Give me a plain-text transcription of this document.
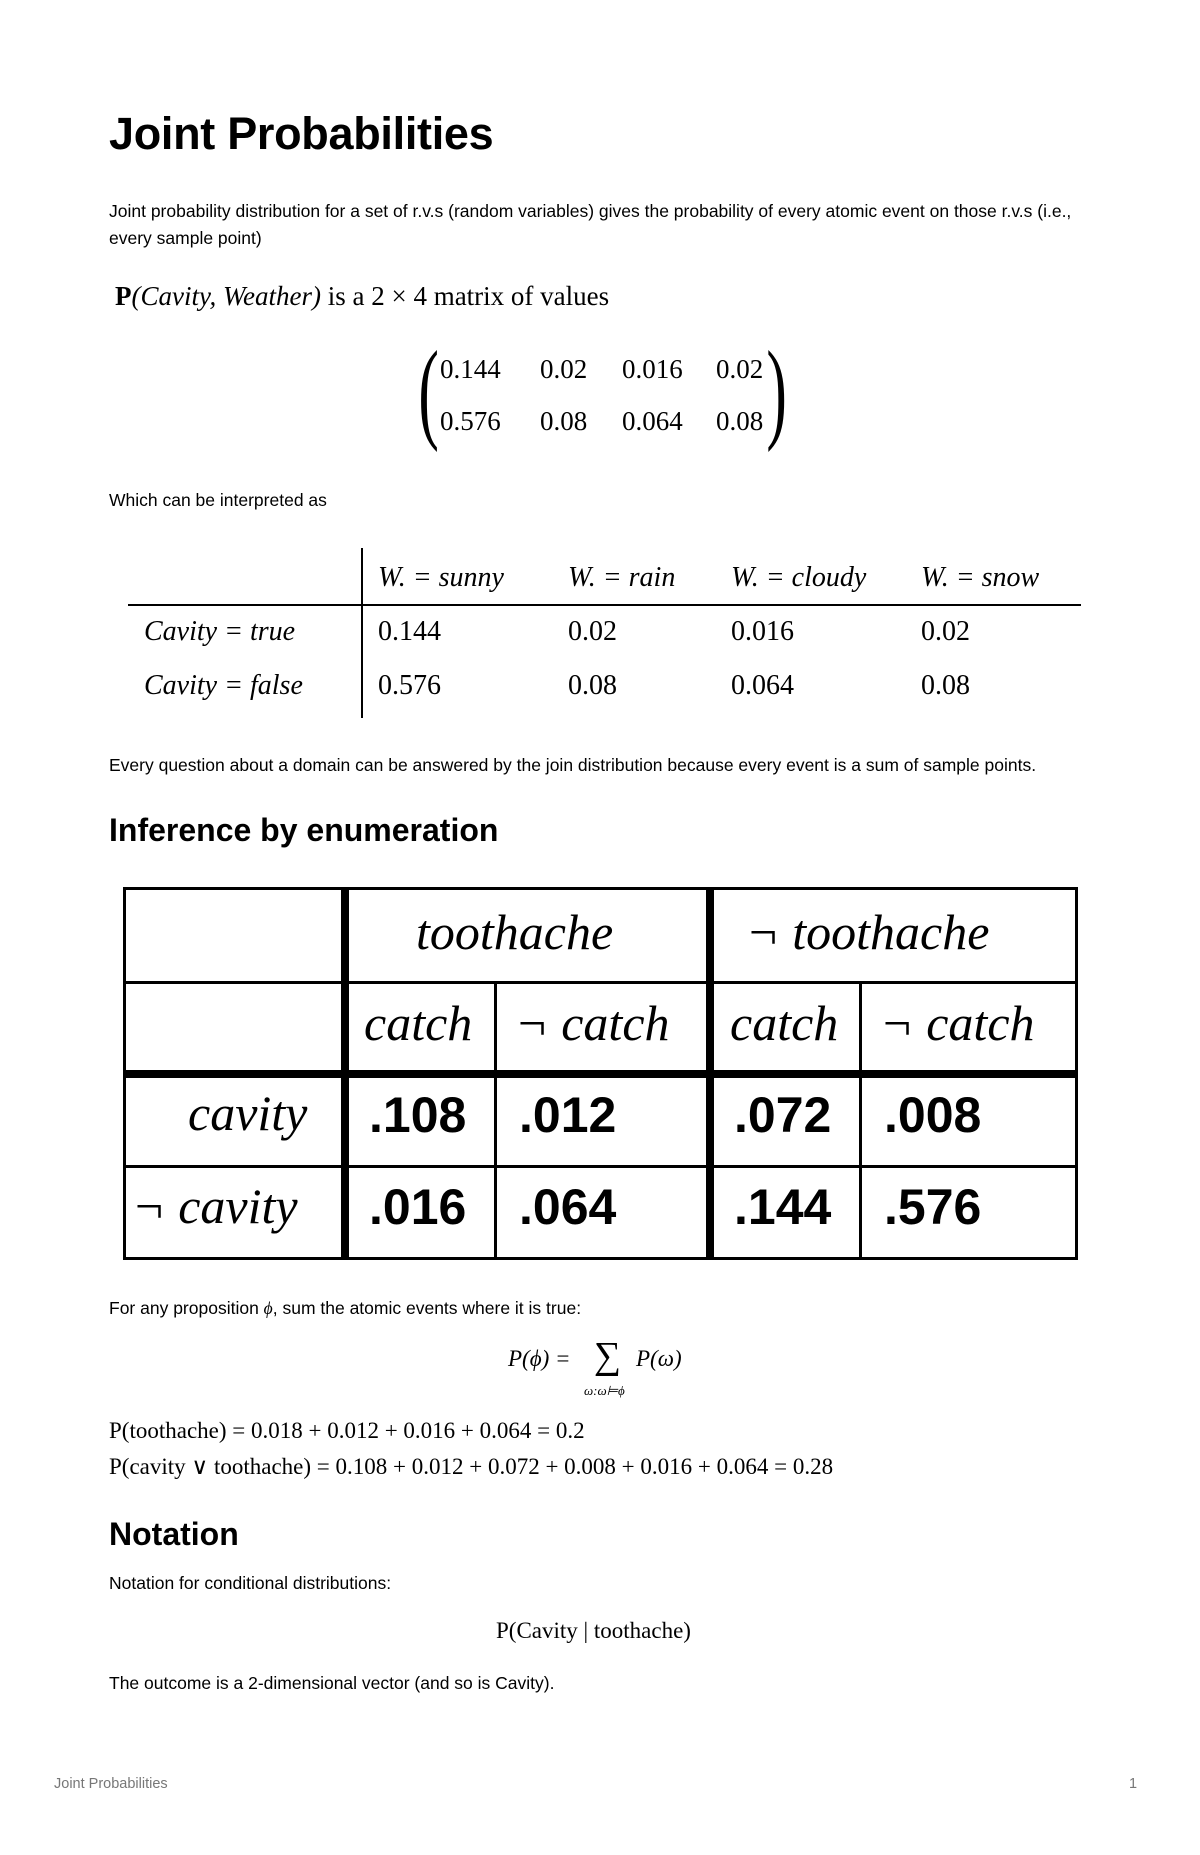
Joint Probabilities

Joint probability distribution for a set of r.v.s (random variables) gives the probability of every atomic event on those r.v.s (i.e., every sample point)

P(Cavity, Weather) is a 2 × 4 matrix of values
(	)
0.144 0.02 0.016 0.02
0.576 0.08 0.064 0.08

Which can be interpreted as

W. = sunny W. = rain W. = cloudy W. = snow
Cavity = true	0.144	0.02	0.016	0.02
Cavity = false	0.576	0.08	0.064	0.08

Every question about a domain can be answered by the join distribution because every event is a sum of sample points.

Inference by enumeration
toothache	¬ toothache
catch ¬ catch catch ¬ catch
cavity .108 .012 .072 .008
¬ cavity .016 .064 .144 .576

For any proposition ϕ, sum the atomic events where it is true:

P(ϕ) = ∑
ω:ω⊨ϕ
P(ω)
P(toothache) = 0.018 + 0.012 + 0.016 + 0.064 = 0.2
P(cavity ∨ toothache) = 0.108 + 0.012 + 0.072 + 0.008 + 0.016 + 0.064 = 0.28
Notation

Notation for conditional distributions:

P(Cavity | toothache)

The outcome is a 2-dimensional vector (and so is Cavity).

Joint Probabilities	1
